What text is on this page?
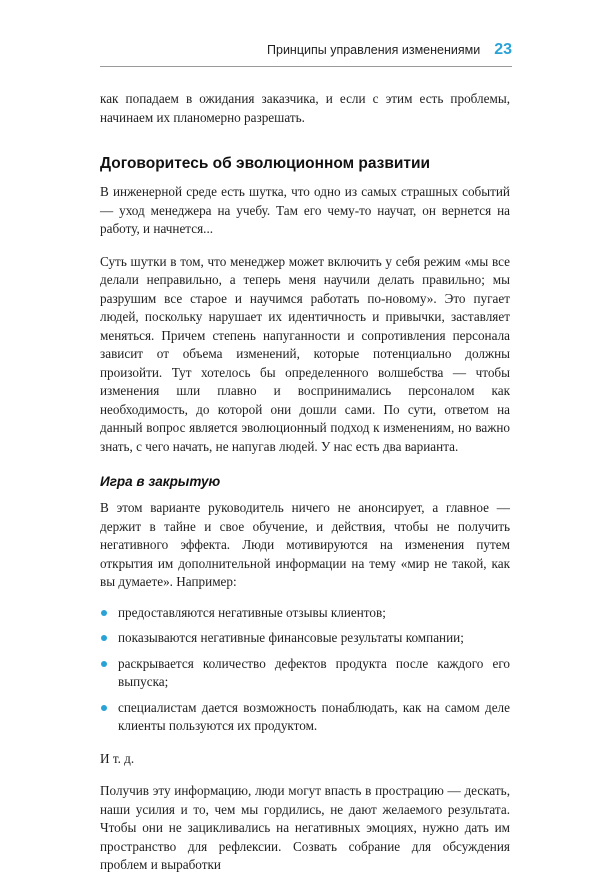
Принципы управления изменениями 23

как попадаем в ожидания заказчика, и если с этим есть проблемы, начинаем их планомерно разрешать.

Договоритесь об эволюционном развитии

В инженерной среде есть шутка, что одно из самых страшных событий — уход менеджера на учебу. Там его чему-то научат, он вернется на работу, и начнется...

Суть шутки в том, что менеджер может включить у себя режим «мы все делали неправильно, а теперь меня научили делать правильно; мы разрушим все старое и научимся работать по-новому». Это пугает людей, поскольку нарушает их идентичность и привычки, заставляет меняться. Причем степень напуганности и сопротивления персонала зависит от объема изменений, которые потенциально должны произойти. Тут хотелось бы определенного волшебства — чтобы изменения шли плавно и воспринимались персоналом как необходимость, до которой они дошли сами. По сути, ответом на данный вопрос является эволюционный подход к изменениям, но важно знать, с чего начать, не напугав людей. У нас есть два варианта.

Игра в закрытую

В этом варианте руководитель ничего не анонсирует, а главное — держит в тайне и свое обучение, и действия, чтобы не получить негативного эффекта. Люди мотивируются на изменения путем открытия им дополнительной информации на тему «мир не такой, как вы думаете». Например:

предоставляются негативные отзывы клиентов;
показываются негативные финансовые результаты компании;
раскрывается количество дефектов продукта после каждого его выпуска;
специалистам дается возможность понаблюдать, как на самом деле клиенты пользуются их продуктом.

И т. д.

Получив эту информацию, люди могут впасть в прострацию — дескать, наши усилия и то, чем мы гордились, не дают желаемого результата. Чтобы они не зацикливались на негативных эмоциях, нужно дать им пространство для рефлексии. Созвать собрание для обсуждения проблем и выработки
